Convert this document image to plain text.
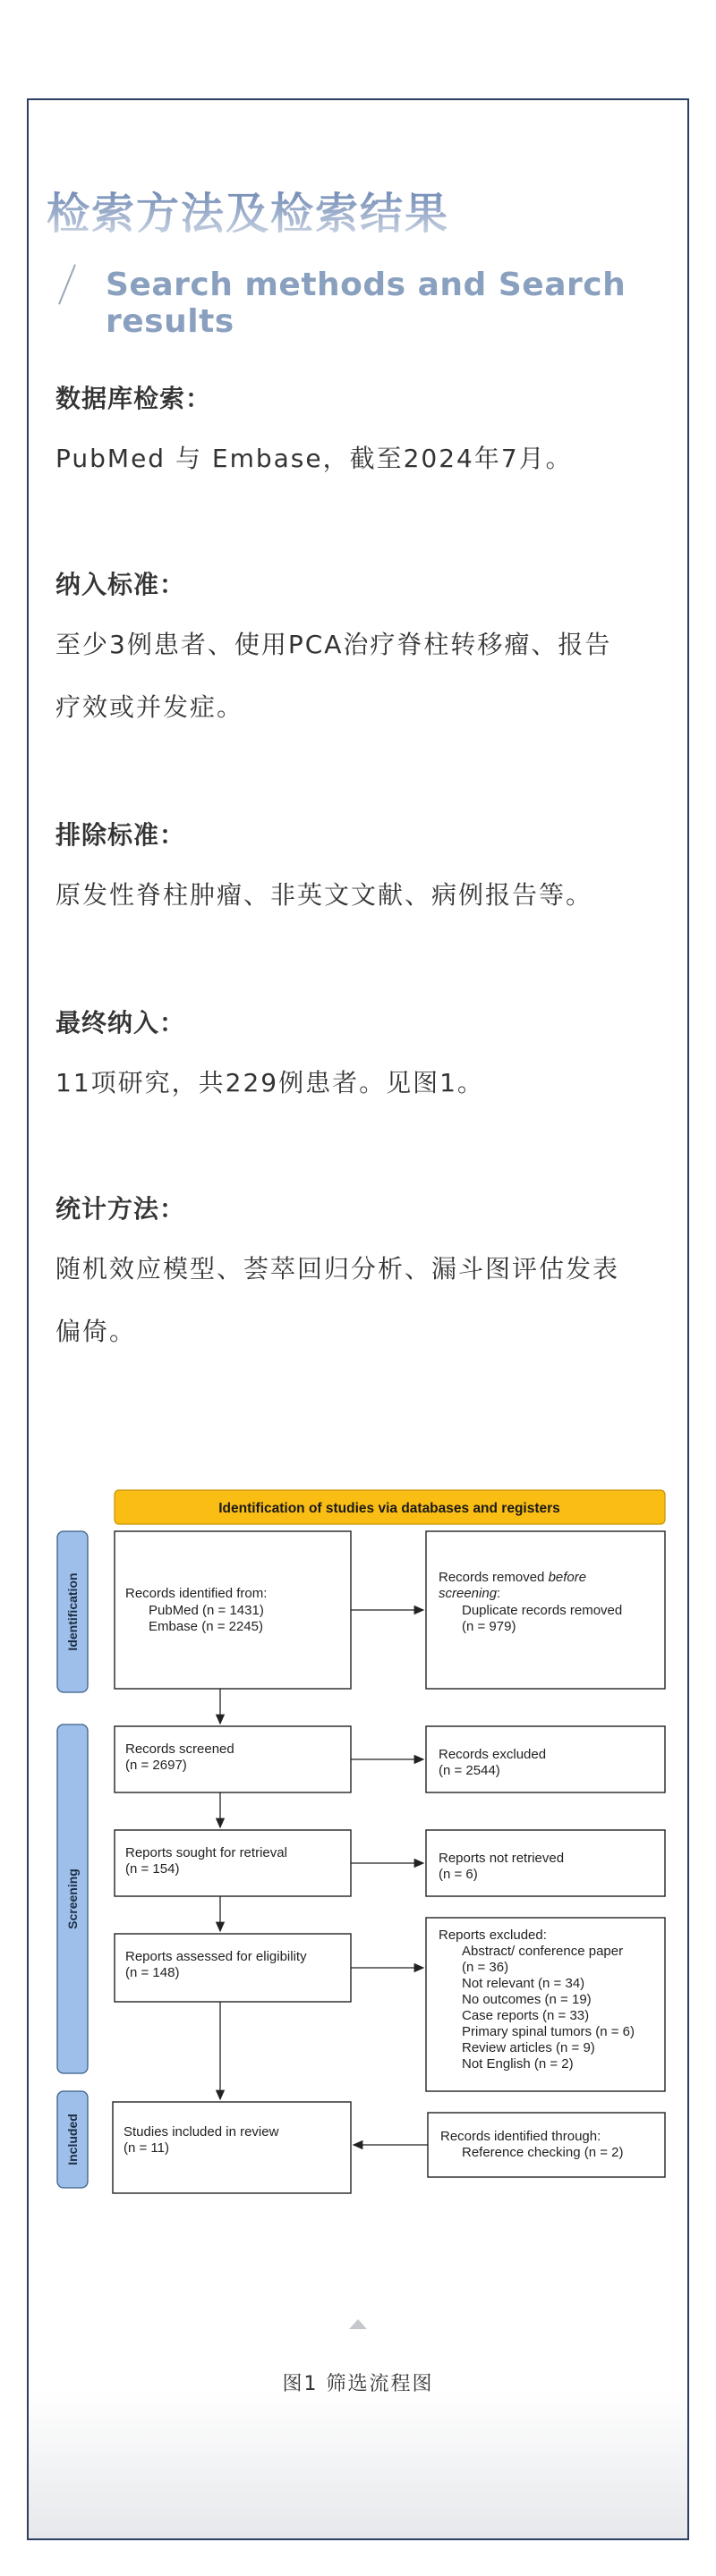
检索方法及检索结果
Search methods and Search results

数据库检索：

PubMed 与 Embase，截至2024年7月。

纳入标准：

至少3例患者、使用PCA治疗脊柱转移瘤、报告
疗效或并发症。

排除标准：

原发性脊柱肿瘤、非英文文献、病例报告等。

最终纳入：

11项研究，共229例患者。见图1。

统计方法：

随机效应模型、荟萃回归分析、漏斗图评估发表
偏倚。

Identification of studies via databases and registers
Identification
Screening
Included
Records identified from: PubMed (n = 1431) Embase (n = 2245)
Records removed before screening: Duplicate records removed (n = 979)
Records screened (n = 2697)
Records excluded (n = 2544)
Reports sought for retrieval (n = 154)
Reports not retrieved (n = 6)
Reports assessed for eligibility (n = 148)
Reports excluded: Abstract/ conference paper (n = 36) Not relevant (n = 34) No outcomes (n = 19) Case reports (n = 33) Primary spinal tumors (n = 6) Review articles (n = 9) Not English (n = 2)
Studies included in review (n = 11)
Records identified through: Reference checking (n = 2)
图1 筛选流程图
